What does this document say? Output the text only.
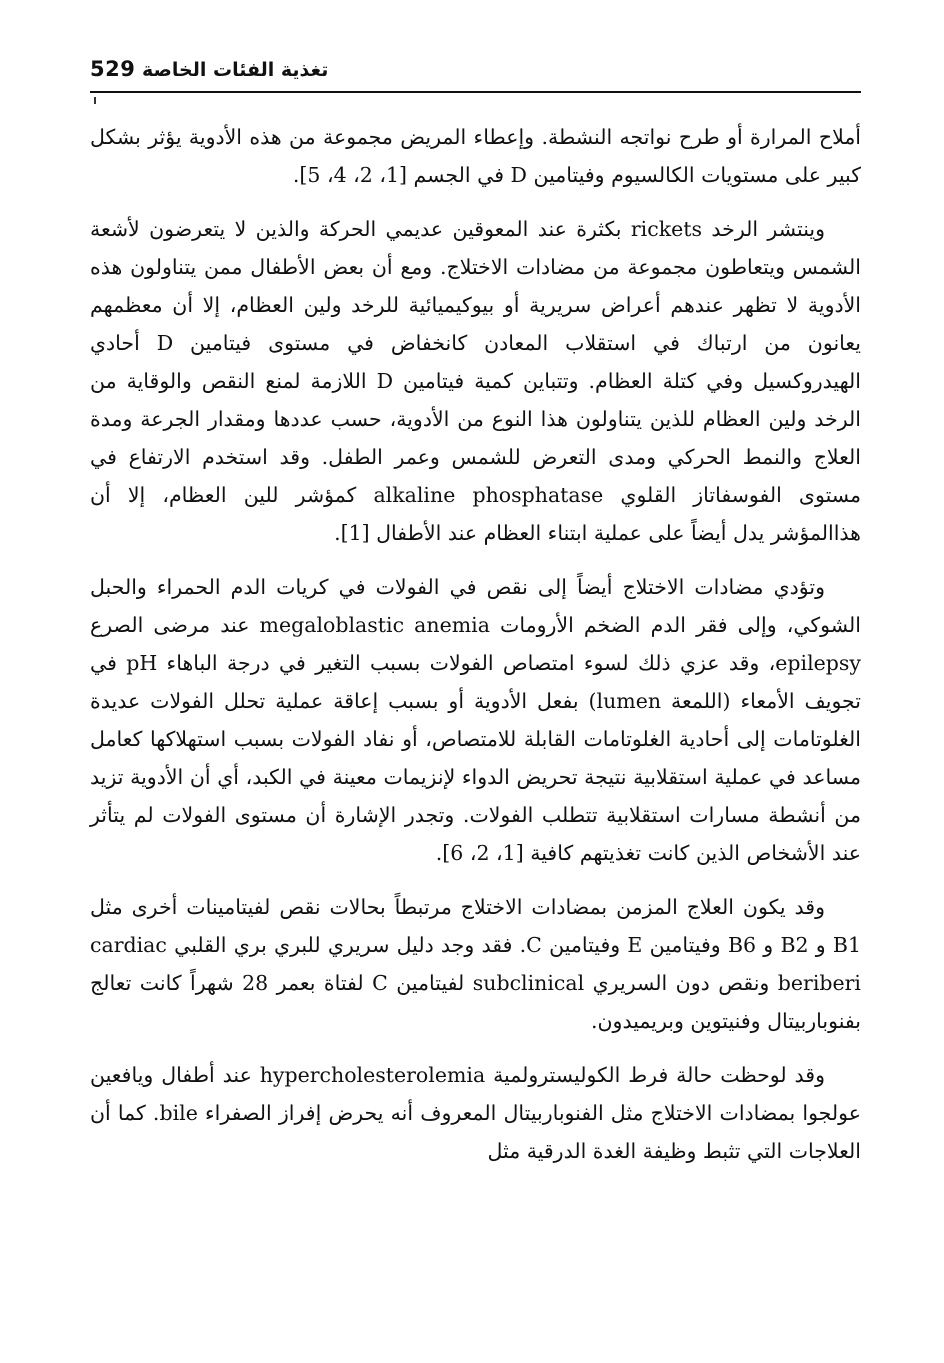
529 تغذية الفئات الخاصة

أملاح المرارة أو طرح نواتجه النشطة. وإعطاء المريض مجموعة من هذه الأدوية يؤثر بشكل كبير على مستويات الكالسيوم وفيتامين D في الجسم [1، 2، 4، 5].

وينتشر الرخد rickets بكثرة عند المعوقين عديمي الحركة والذين لا يتعرضون لأشعة الشمس ويتعاطون مجموعة من مضادات الاختلاج. ومع أن بعض الأطفال ممن يتناولون هذه الأدوية لا تظهر عندهم أعراض سريرية أو بيوكيميائية للرخد ولين العظام، إلا أن معظمهم يعانون من ارتباك في استقلاب المعادن كانخفاض في مستوى فيتامين D أحادي الهيدروكسيل وفي كتلة العظام. وتتباين كمية فيتامين D اللازمة لمنع النقص والوقاية من الرخد ولين العظام للذين يتناولون هذا النوع من الأدوية، حسب عددها ومقدار الجرعة ومدة العلاج والنمط الحركي ومدى التعرض للشمس وعمر الطفل. وقد استخدم الارتفاع في مستوى الفوسفاتاز القلوي alkaline phosphatase كمؤشر للين العظام، إلا أن هذاالمؤشر يدل أيضاً على عملية ابتناء العظام عند الأطفال [1].

وتؤدي مضادات الاختلاج أيضاً إلى نقص في الفولات في كريات الدم الحمراء والحبل الشوكي، وإلى فقر الدم الضخم الأرومات megaloblastic anemia عند مرضى الصرع epilepsy، وقد عزي ذلك لسوء امتصاص الفولات بسبب التغير في درجة الباهاء pH في تجويف الأمعاء (اللمعة lumen) بفعل الأدوية أو بسبب إعاقة عملية تحلل الفولات عديدة الغلوتامات إلى أحادية الغلوتامات القابلة للامتصاص، أو نفاد الفولات بسبب استهلاكها كعامل مساعد في عملية استقلابية نتيجة تحريض الدواء لإنزيمات معينة في الكبد، أي أن الأدوية تزيد من أنشطة مسارات استقلابية تتطلب الفولات. وتجدر الإشارة أن مستوى الفولات لم يتأثر عند الأشخاص الذين كانت تغذيتهم كافية [1، 2، 6].

وقد يكون العلاج المزمن بمضادات الاختلاج مرتبطاً بحالات نقص لفيتامينات أخرى مثل B1 و B2 و B6 وفيتامين E وفيتامين C. فقد وجد دليل سريري للبري بري القلبي cardiac beriberi ونقص دون السريري subclinical لفيتامين C لفتاة بعمر 28 شهراً كانت تعالج بفنوباربيتال وفنيتوين وبريميدون.

وقد لوحظت حالة فرط الكوليسترولمية hypercholesterolemia عند أطفال ويافعين عولجوا بمضادات الاختلاج مثل الفنوباربيتال المعروف أنه يحرض إفراز الصفراء bile. كما أن العلاجات التي تثبط وظيفة الغدة الدرقية مثل
